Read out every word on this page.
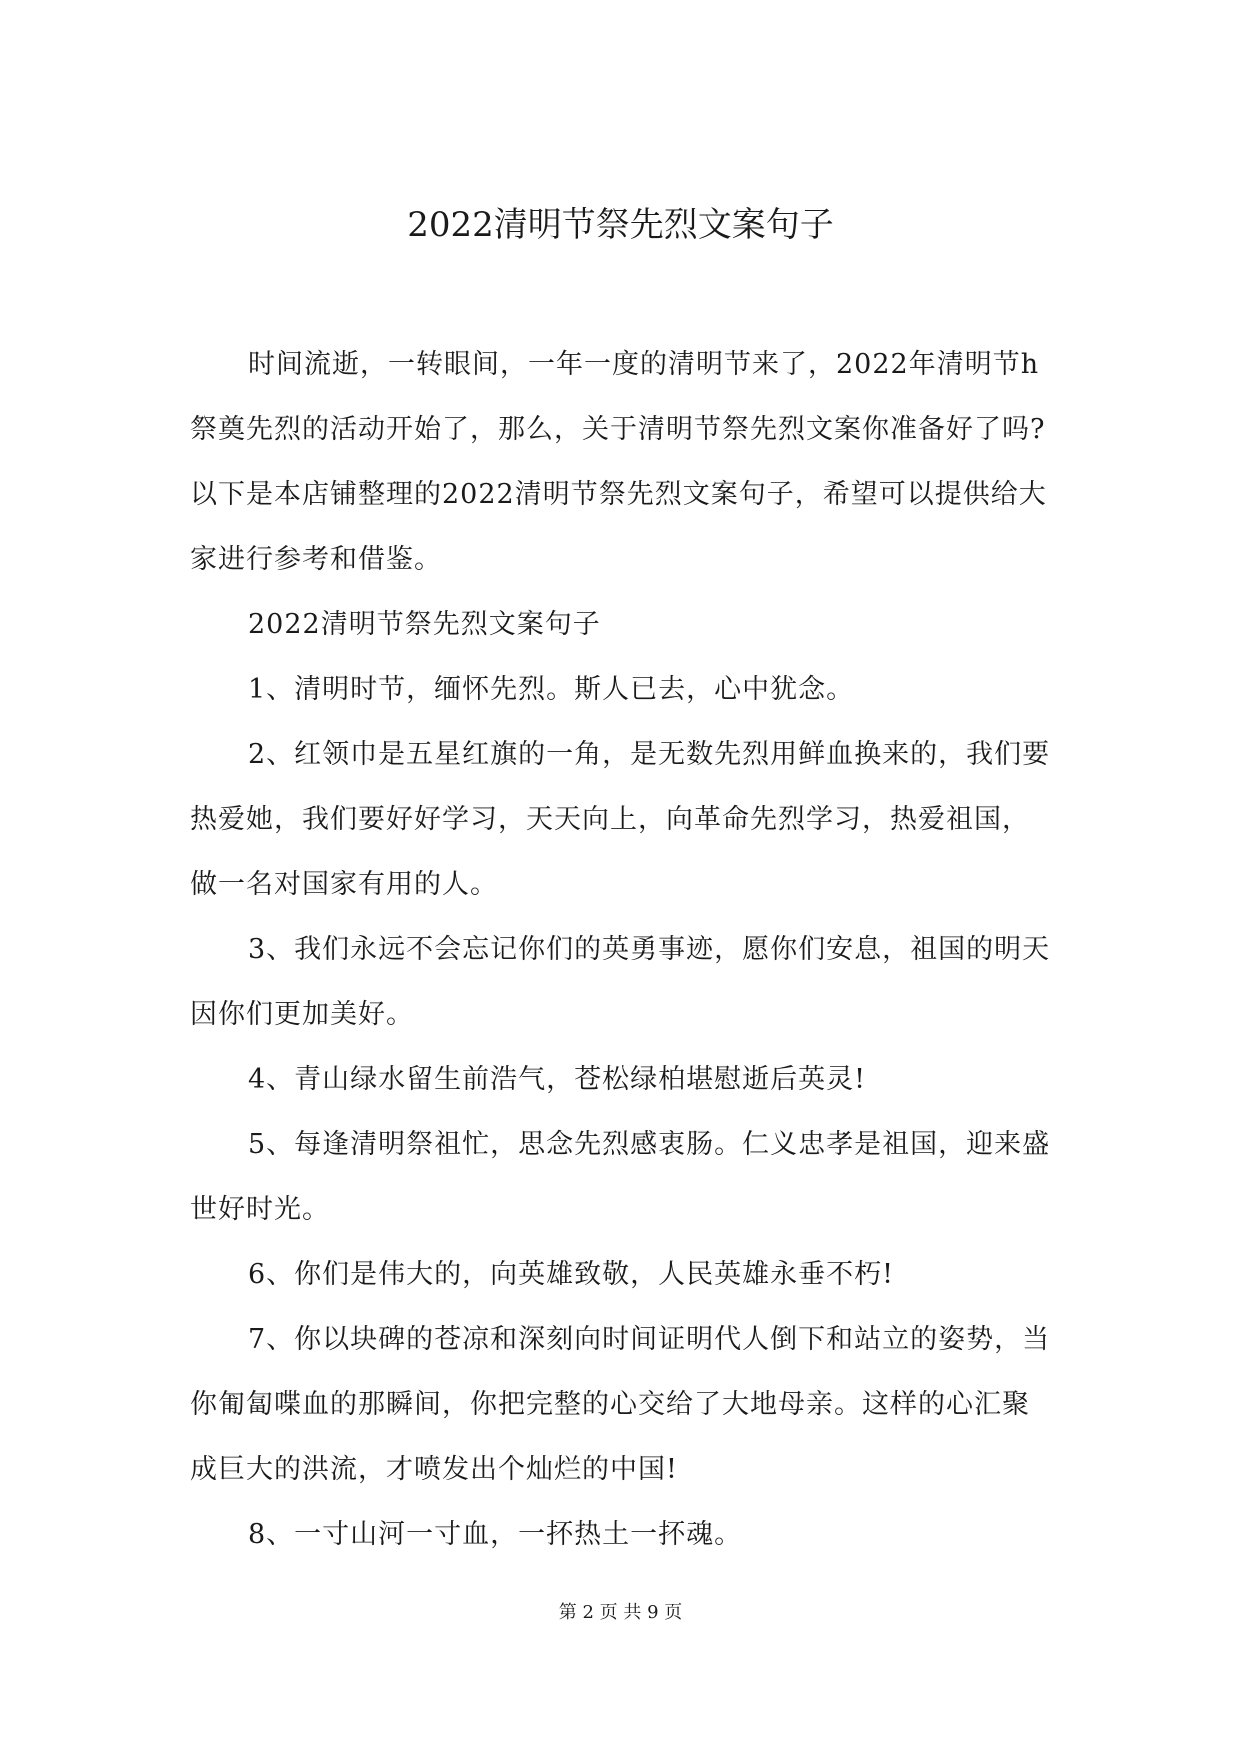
2022清明节祭先烈文案句子

时间流逝，一转眼间，一年一度的清明节来了，2022年清明节h祭奠先烈的活动开始了，那么，关于清明节祭先烈文案你准备好了吗?以下是本店铺整理的2022清明节祭先烈文案句子，希望可以提供给大家进行参考和借鉴。

2022清明节祭先烈文案句子

1、清明时节，缅怀先烈。斯人已去，心中犹念。

2、红领巾是五星红旗的一角，是无数先烈用鲜血换来的，我们要热爱她，我们要好好学习，天天向上，向革命先烈学习，热爱祖国，做一名对国家有用的人。

3、我们永远不会忘记你们的英勇事迹，愿你们安息，祖国的明天因你们更加美好。

4、青山绿水留生前浩气，苍松绿柏堪慰逝后英灵!

5、每逢清明祭祖忙，思念先烈感衷肠。仁义忠孝是祖国，迎来盛世好时光。

6、你们是伟大的，向英雄致敬，人民英雄永垂不朽!

7、你以块碑的苍凉和深刻向时间证明代人倒下和站立的姿势，当你匍匐喋血的那瞬间，你把完整的心交给了大地母亲。这样的心汇聚成巨大的洪流，才喷发出个灿烂的中国!

8、一寸山河一寸血，一抔热土一抔魂。

第 2 页 共 9 页
